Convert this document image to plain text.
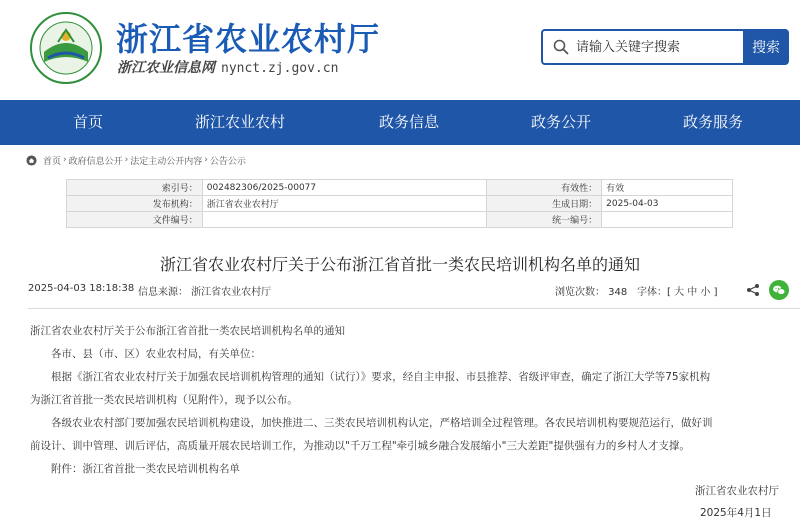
浙江省农业农村厅
浙江农业信息网 nynct.zj.gov.cn
请输入关键字搜索
搜索
首页	浙江农业农村	政务信息	政务公开	政务服务
首页 › 政府信息公开 › 法定主动公开内容 › 公告公示
索引号：	002482306/2025-00077	有效性：	有效
发布机构：	浙江省农业农村厅	生成日期：	2025-04-03
文件编号：		统一编号：	
浙江省农业农村厅关于公布浙江省首批一类农民培训机构名单的通知
2025-04-03 18:18:38 信息来源： 浙江省农业农村厅	浏览次数： 348 字体：[ 大 中 小 ]
浙江省农业农村厅关于公布浙江省首批一类农民培训机构名单的通知
各市、县（市、区）农业农村局，有关单位：
根据《浙江省农业农村厅关于加强农民培训机构管理的通知（试行）》要求，经自主申报、市县推荐、省级评审查，确定了浙江大学等75家机构
为浙江省首批一类农民培训机构（见附件），现予以公布。
各级农业农村部门要加强农民培训机构建设，加快推进二、三类农民培训机构认定，严格培训全过程管理。各农民培训机构要规范运行，做好训
前设计、训中管理、训后评估，高质量开展农民培训工作，为推动以"千万工程"牵引城乡融合发展缩小"三大差距"提供强有力的乡村人才支撑。
附件：浙江省首批一类农民培训机构名单
浙江省农业农村厅
2025年4月1日
